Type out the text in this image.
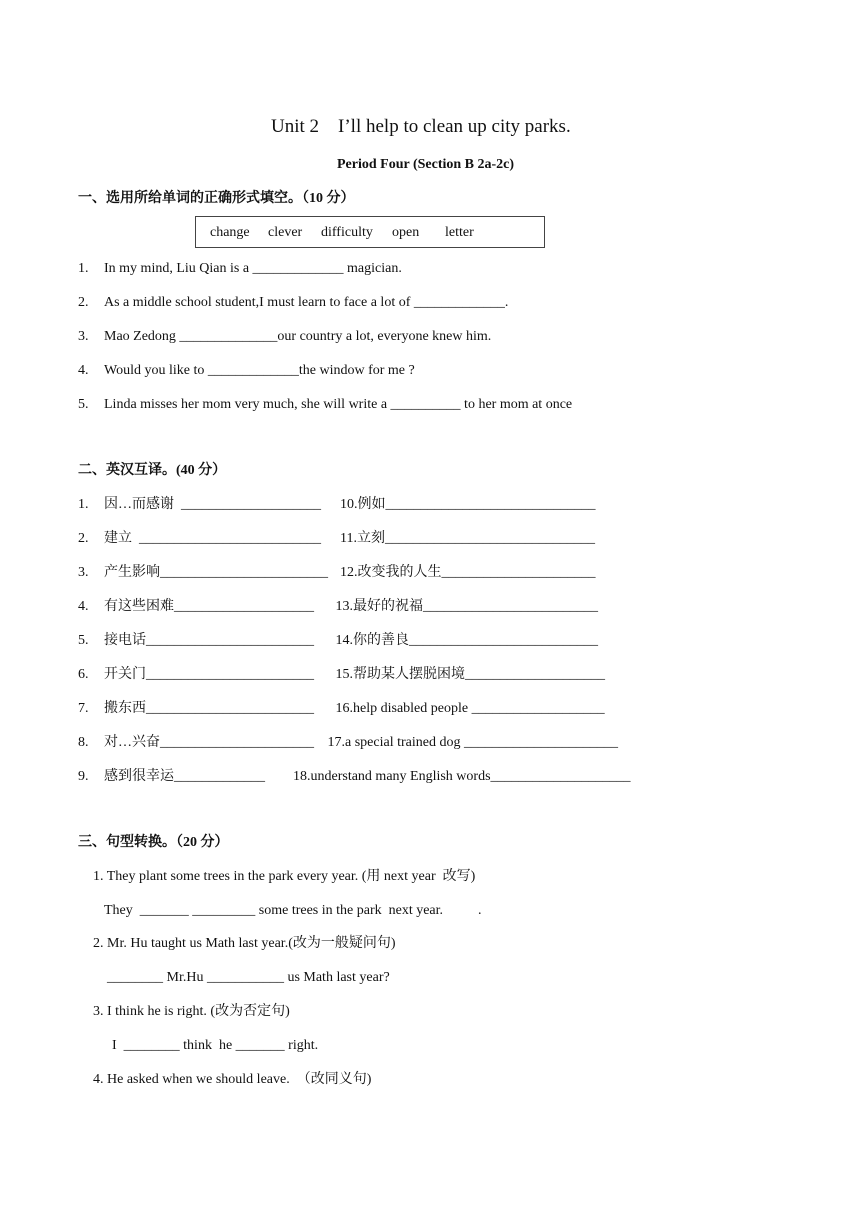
Unit 2    I’ll help to clean up city parks.
Period Four (Section B 2a-2c)
一、选用所给单词的正确形式填空。（10 分）
change clever difficulty open letter
1. In my mind, Liu Qian is a _____________ magician.
2. As a middle school student,I must learn to face a lot of _____________.
3. Mao Zedong ______________our country a lot, everyone knew him.
4. Would you like to _____________the window for me ?
5. Linda misses her mom very much, she will write a __________ to her mom at once
二、英汉互译。(40 分）
1. 因…而感谢  ____________________ 10.例如______________________________
2. 建立  __________________________ 11.立刻______________________________
3. 产生影响________________________ 12.改变我的人生______________________
4. 有这些困难____________________ 13.最好的祝福_________________________
5. 接电话________________________ 14.你的善良___________________________
6. 开关门________________________ 15.帮助某人摆脱困境____________________
7. 搬东西________________________ 16.help disabled people ___________________
8. 对…兴奋______________________ 17.a special trained dog ______________________
9. 感到很幸运_____________ 18.understand many English words____________________
三、句型转换。（20 分）
1. They plant some trees in the park every year. (用 next year  改写)
They  _______ _________ some trees in the park  next year.          .
2. Mr. Hu taught us Math last year.(改为一般疑问句)
________ Mr.Hu ___________ us Math last year?
3. I think he is right. (改为否定句)
I  ________ think  he _______ right.
4. He asked when we should leave.  （改同义句)
